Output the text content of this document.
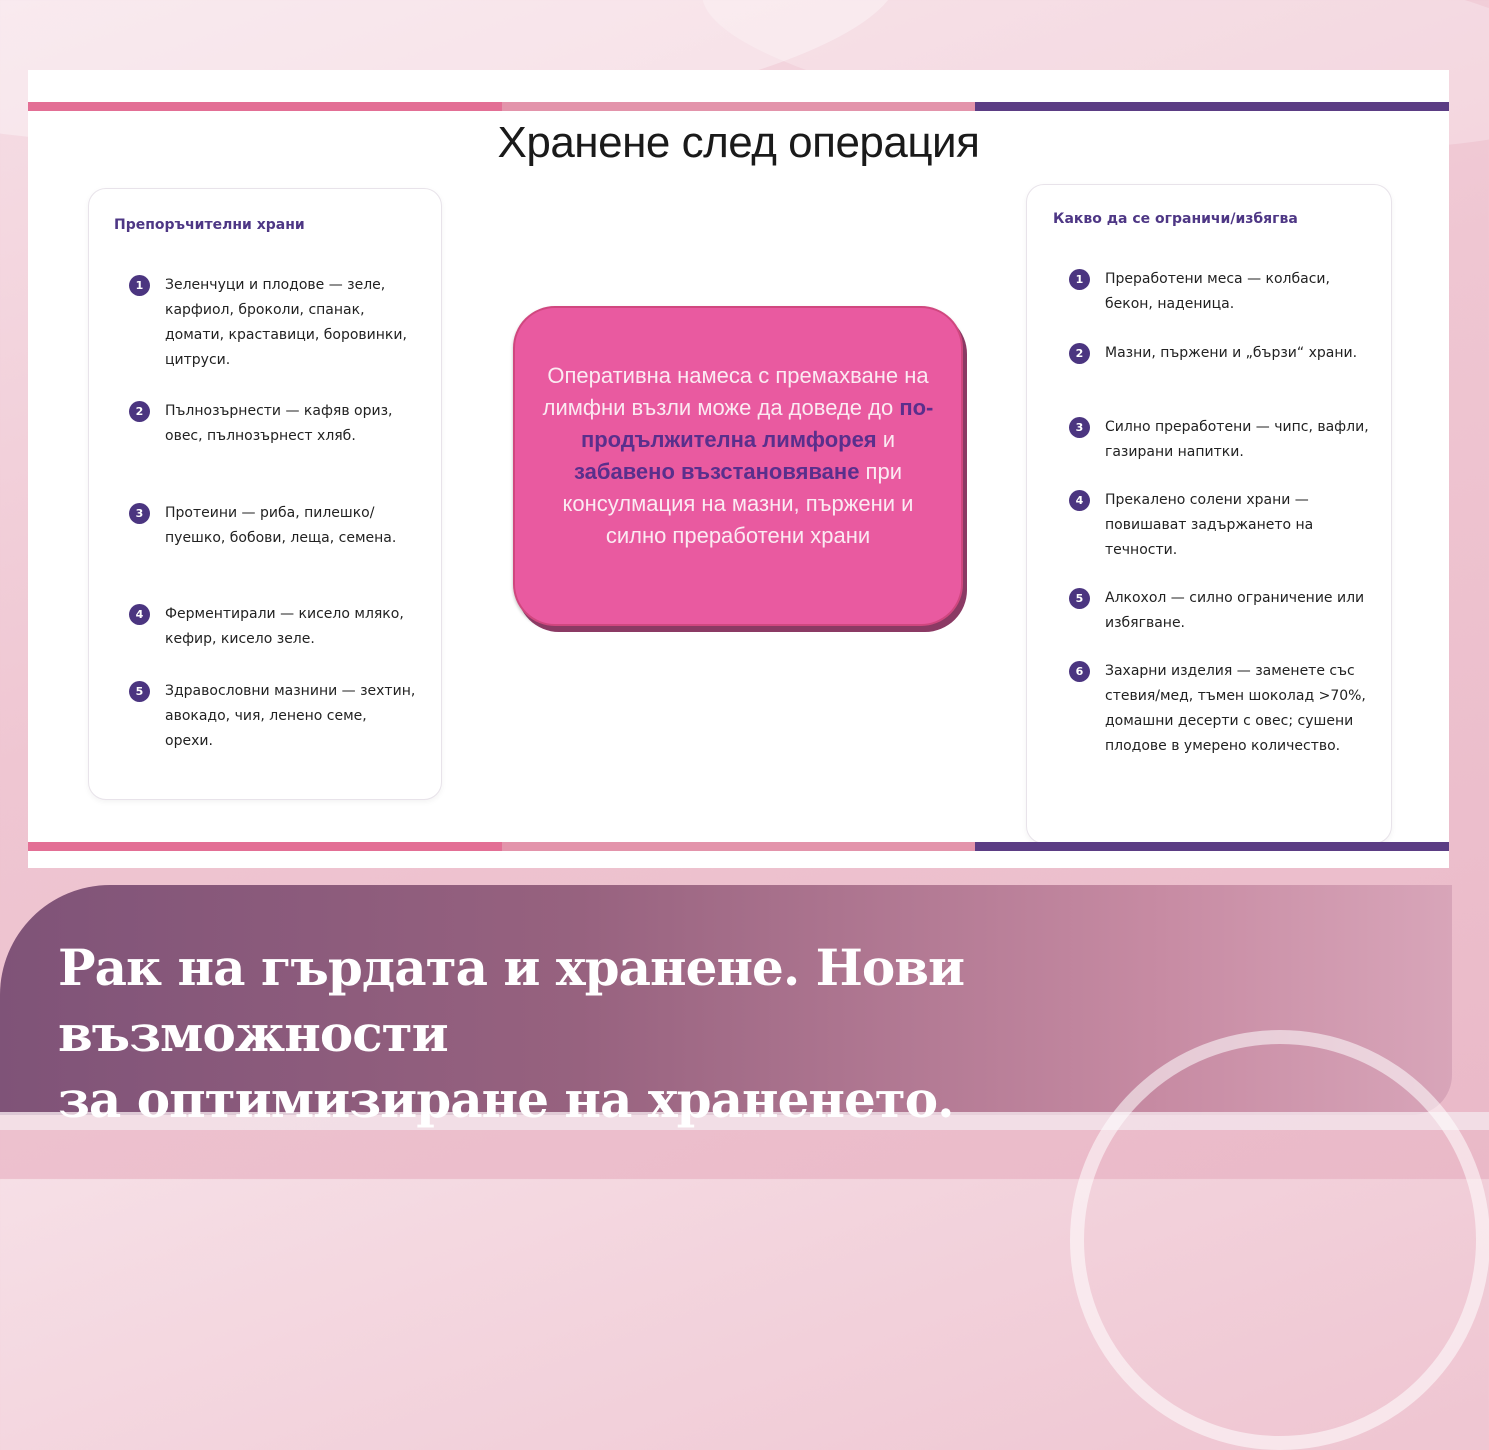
Хранене след операция
Препоръчителни храни
1	Зеленчуци и плодове — зеле, карфиол, броколи, спанак, домати, краставици, боровинки, цитруси.
2	Пълнозърнести — кафяв ориз, овес, пълнозърнест хляб.
3	Протеини — риба, пилешко/ пуешко, бобови, леща, семена.
4	Ферментирали — кисело мляко, кефир, кисело зеле.
5	Здравословни мазнини — зехтин, авокадо, чия, ленено семе, орехи.
Оперативна намеса с премахване на лимфни възли може да доведе до по-продължителна лимфорея и забавено възстановяване при консулмация на мазни, пържени и силно преработени храни
Какво да се ограничи/избягва
1	Преработени меса — колбаси, бекон, наденица.
2	Мазни, пържени и „бързи“ храни.
3	Силно преработени — чипс, вафли, газирани напитки.
4	Прекалено солени храни — повишават задържането на течности.
5	Алкохол — силно ограничение или избягване.
6	Захарни изделия — заменете със стевия/мед, тъмен шоколад >70%, домашни десерти с овес; сушени плодове в умерено количество.
Рак на гърдата и хранене. Нови възможности
за оптимизиране на храненето.
